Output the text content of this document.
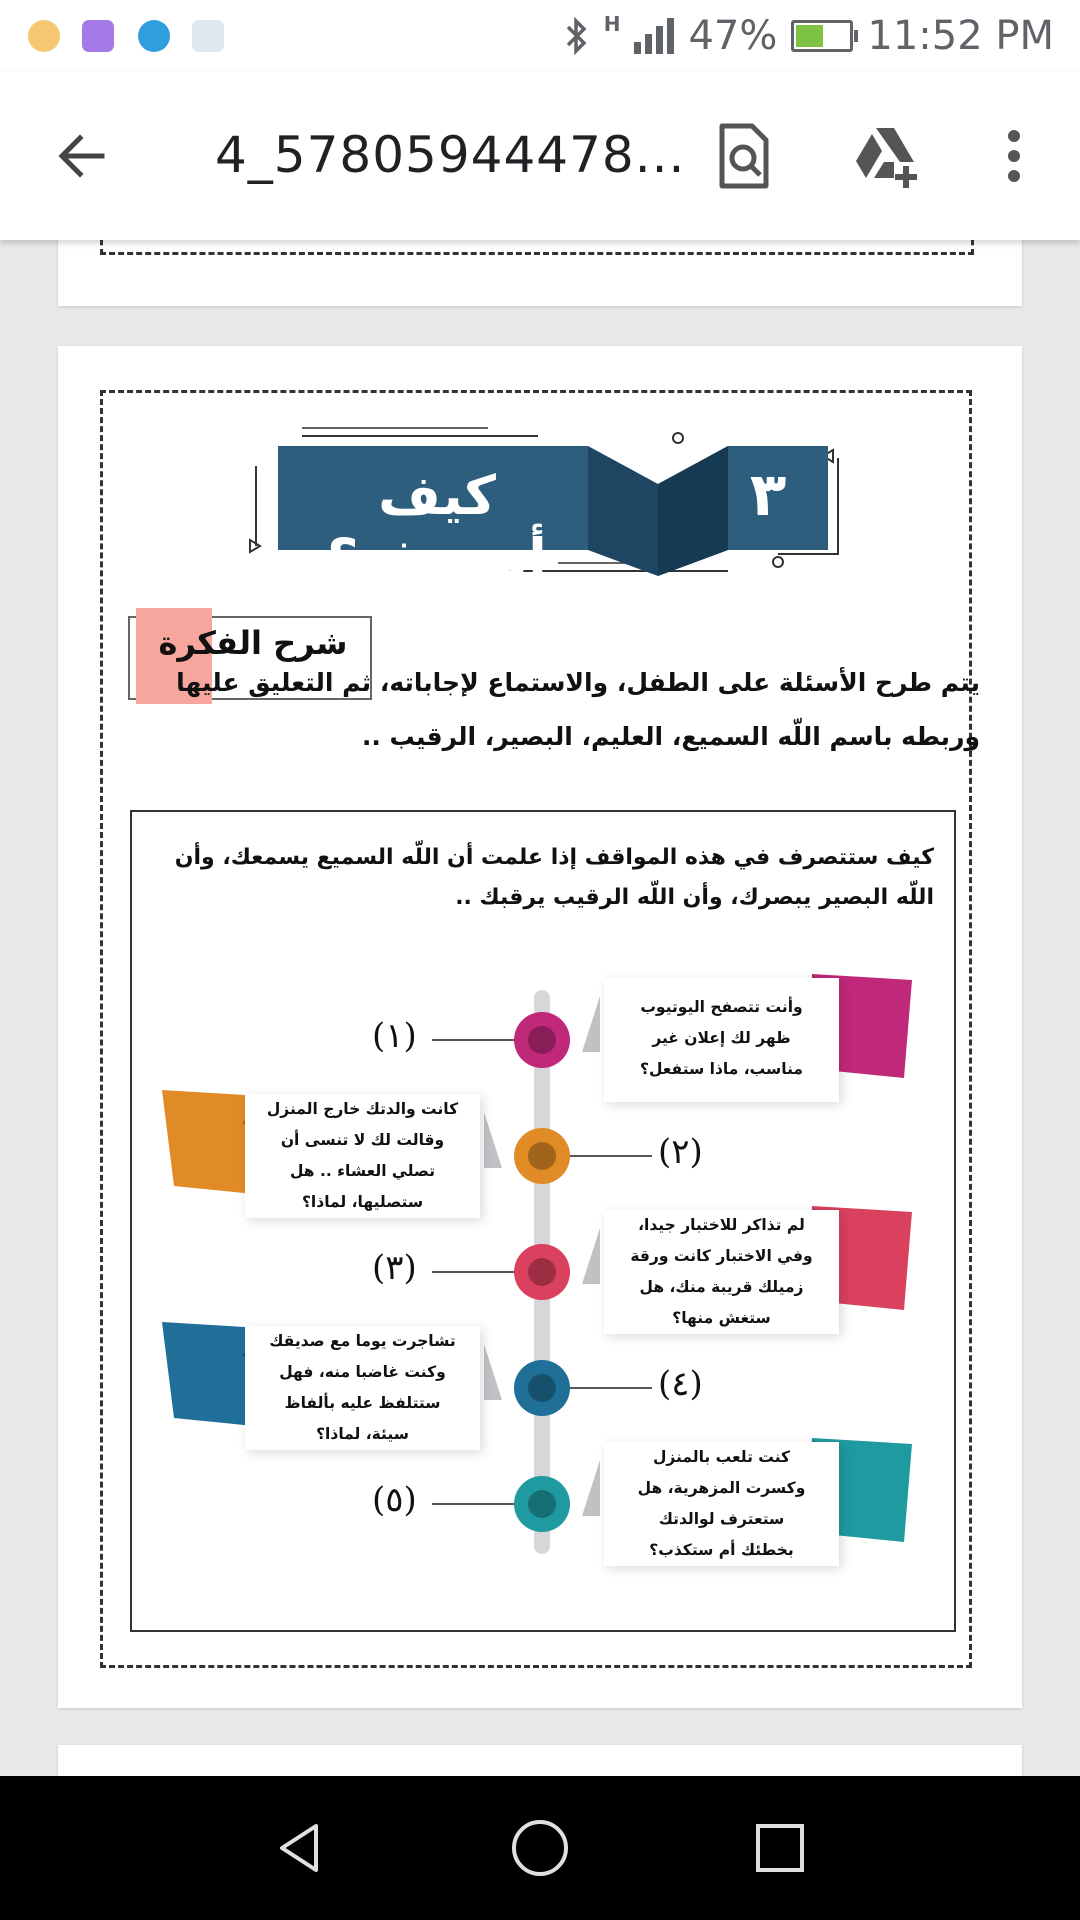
H 47% 11:52 PM
4_57805944478...
كيف أتصرف؟
٣
شرح الفكرة
يتم طرح الأسئلة على الطفل، والاستماع لإجاباته، ثم التعليق عليها
وربطه باسم اللّه السميع، العليم، البصير، الرقيب ..
كيف ستتصرف في هذه المواقف إذا علمت أن اللّه السميع يسمعك، وأن اللّه البصير يبصرك، وأن اللّه الرقيب يرقبك ..
وأنت تتصفح اليوتيوب
ظهر لك إعلان غير
مناسب، ماذا ستفعل؟
(١)
كانت والدتك خارج المنزل
وقالت لك لا تنسى أن
تصلي العشاء .. هل
ستصليها، لماذا؟
(٢)
لم تذاكر للاختبار جيدا،
وفي الاختبار كانت ورقة
زميلك قريبة منك، هل
ستغش منها؟
(٣)
تشاجرت يوما مع صديقك
وكنت غاضبا منه، فهل
ستتلفظ عليه بألفاظ
سيئة، لماذا؟
(٤)
كنت تلعب بالمنزل
وكسرت المزهرية، هل
ستعترف لوالدتك
بخطئك أم ستكذب؟
(٥)
